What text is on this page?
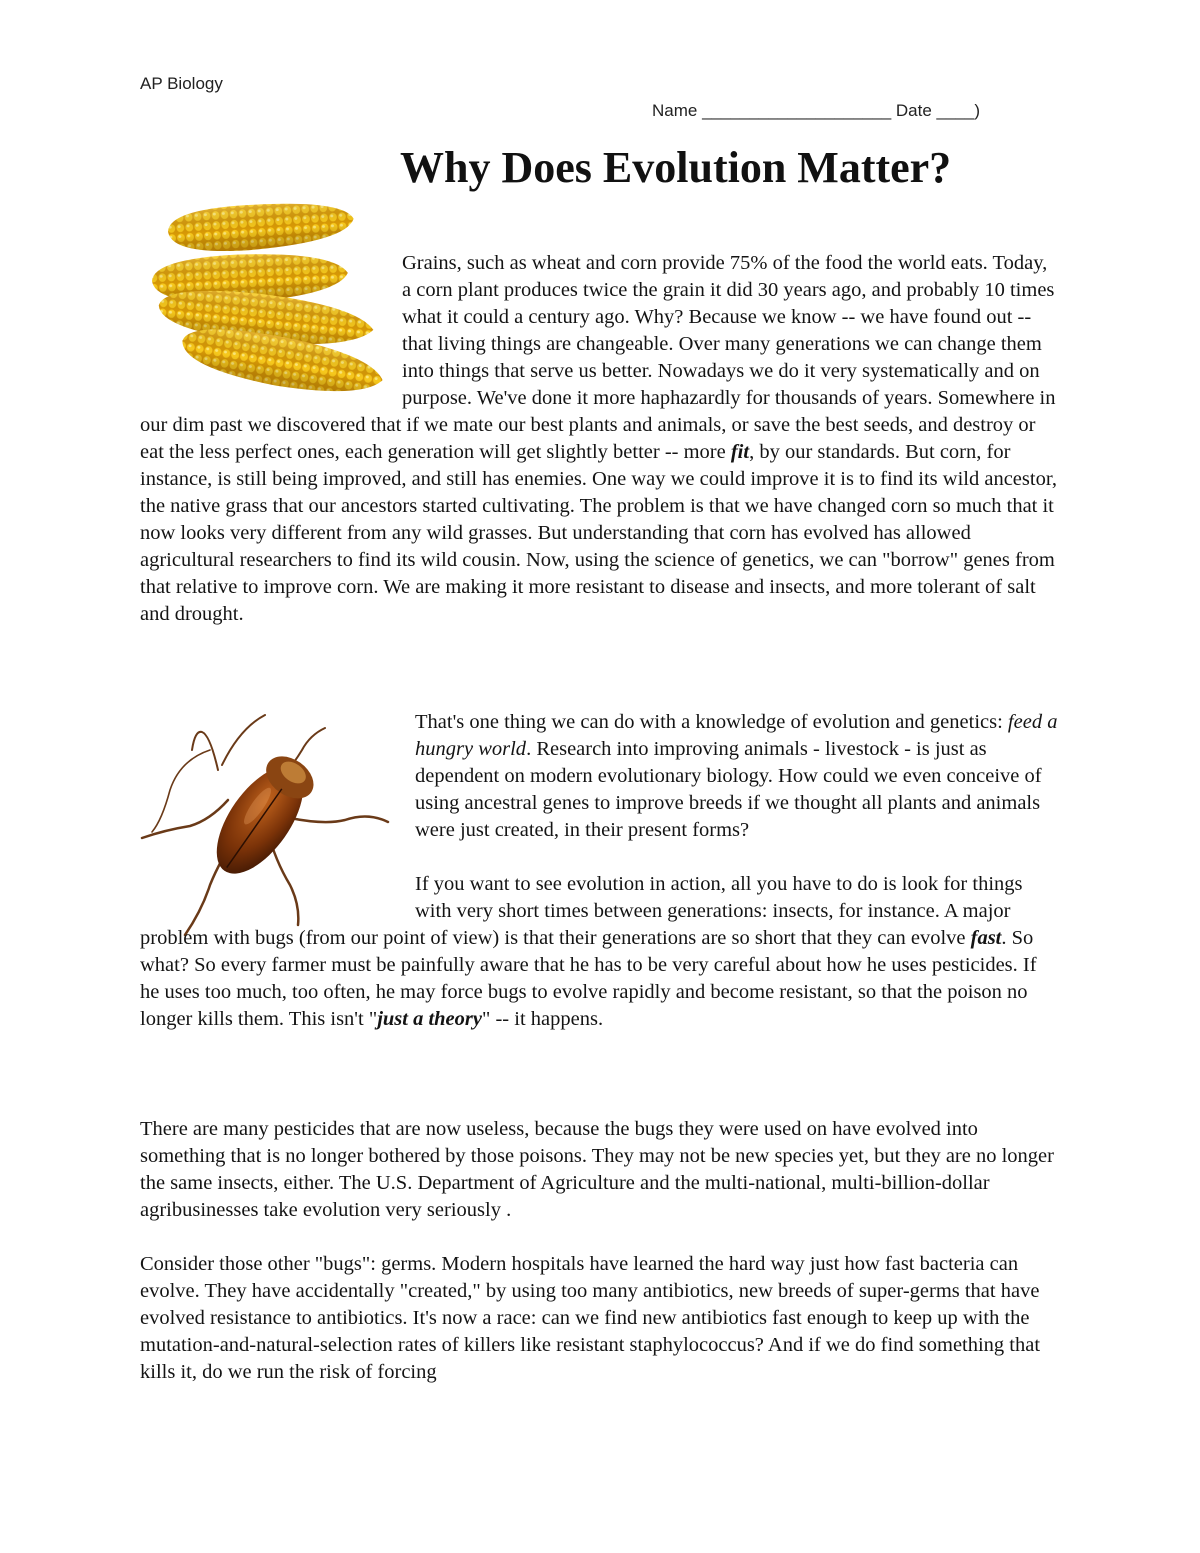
AP Biology
Name ____________________ Date ____)
Why Does Evolution Matter?

Grains, such as wheat and corn provide 75% of the food the world eats. Today, a corn plant produces twice the grain it did 30 years ago, and probably 10 times what it could a century ago. Why? Because we know -- we have found out -- that living things are changeable. Over many generations we can change them into things that serve us better. Nowadays we do it very systematically and on purpose. We've done it more haphazardly for thousands of years. Somewhere in our dim past we discovered that if we mate our best plants and animals, or save the best seeds, and destroy or eat the less perfect ones, each generation will get slightly better -- more fit, by our standards. But corn, for instance, is still being improved, and still has enemies. One way we could improve it is to find its wild ancestor, the native grass that our ancestors started cultivating. The problem is that we have changed corn so much that it now looks very different from any wild grasses. But understanding that corn has evolved has allowed agricultural researchers to find its wild cousin. Now, using the science of genetics, we can "borrow" genes from that relative to improve corn. We are making it more resistant to disease and insects, and more tolerant of salt and drought.

That's one thing we can do with a knowledge of evolution and genetics: feed a hungry world. Research into improving animals - livestock - is just as dependent on modern evolutionary biology. How could we even conceive of using ancestral genes to improve breeds if we thought all plants and animals were just created, in their present forms?

If you want to see evolution in action, all you have to do is look for things with very short times between generations: insects, for instance. A major problem with bugs (from our point of view) is that their generations are so short that they can evolve fast. So what? So every farmer must be painfully aware that he has to be very careful about how he uses pesticides. If he uses too much, too often, he may force bugs to evolve rapidly and become resistant, so that the poison no longer kills them. This isn't "just a theory" -- it happens.

There are many pesticides that are now useless, because the bugs they were used on have evolved into something that is no longer bothered by those poisons. They may not be new species yet, but they are no longer the same insects, either. The U.S. Department of Agriculture and the multi-national, multi-billion-dollar agribusinesses take evolution very seriously .

Consider those other "bugs": germs. Modern hospitals have learned the hard way just how fast bacteria can evolve. They have accidentally "created," by using too many antibiotics, new breeds of super-germs that have evolved resistance to antibiotics. It's now a race: can we find new antibiotics fast enough to keep up with the mutation-and-natural-selection rates of killers like resistant staphylococcus? And if we do find something that kills it, do we run the risk of forcing
